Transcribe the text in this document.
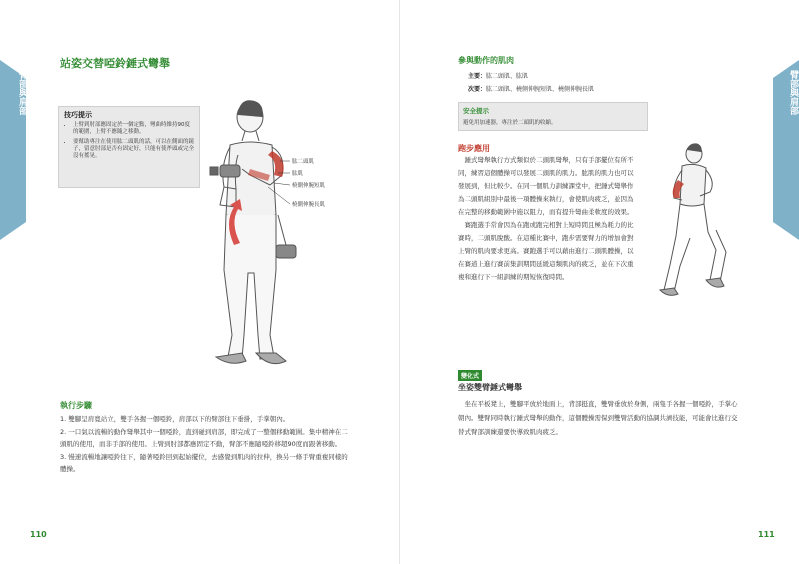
臂部與肩部
站姿交替啞鈴錘式彎舉
技巧提示
• 上臂到肘部應固定於一個定點，彎曲時維持90度的範圍，上臂不應隨之移動。
• 要幫助專注在使用肱二頭肌的話，可以在側面的鏡子，留意肘部是否有固定好，只能有使斧頭或完全沒有搖晃。
肱二頭肌
肱肌
橈側伸腕短肌
橈側伸腕長肌
執行步驟

1. 雙腳呈肩寬站立，雙手各握一個啞鈴，肩部以下的臂部往下垂掛，手掌朝內。

2. 一口氣以流暢的動作彎舉其中一個啞鈴，直到碰到肩部，即完成了一整個移動範圍。集中精神在二頭肌的使用，而非手部的使用。上臂到肘部都應固定不動，臂部不應隨啞鈴移超90度而跟著移動。

3. 慢速流暢地讓啞鈴往下，隨著啞鈴回到起始擺位，去感覺到肌肉的拉伸，換另一條手臂重複同樣的體操。

110
臂部與肩部
參與動作的肌肉
主要：肱二頭肌、肱肌
次要：肱二頭肌、橈側伸腕短肌、橈側伸腕長肌
安全提示
避免用加速器，專注於二頭肌的收縮。
跑步應用

錘式彎舉執行方式類似於二頭肌彎舉，只有手部擺位有所不同，練習這個體操可以發展二頭肌的肌力。肱肌的肌力也可以發展到，但比較少。在同一個肌力訓練課堂中，把錘式彎舉作為二頭肌組別中最後一項體操來執行，會使肌肉疲乏，並因為在完整的移動範圍中施以阻力，而有提升彎曲柔軟度的效果。

賽跑選手常會因為在跑或跑完相對上短時間且極為耗力的比賽時，二頭肌脫酸。在這種比賽中，跑步需要臂力的增加會對上臂的肌肉要求更高。賽跑選手可以藉由進行二頭肌體操，以在賽道上進行賽前集訓期間延緩這類肌肉的疲乏，並在下次重複和進行下一組訓練的期短恢復時間。

變化式
坐姿雙臂錘式彎舉

坐在平板凳上，雙腳平放於地面上，背部挺直，雙臂垂放於身側，兩隻手各握一個啞鈴，手掌心朝內。雙臂同時執行錘式彎舉的動作，這個體操需保到雙臂活動的協調共濟技能，可能會比進行交替式臂部訓練還要快導致肌肉疲乏。

111
